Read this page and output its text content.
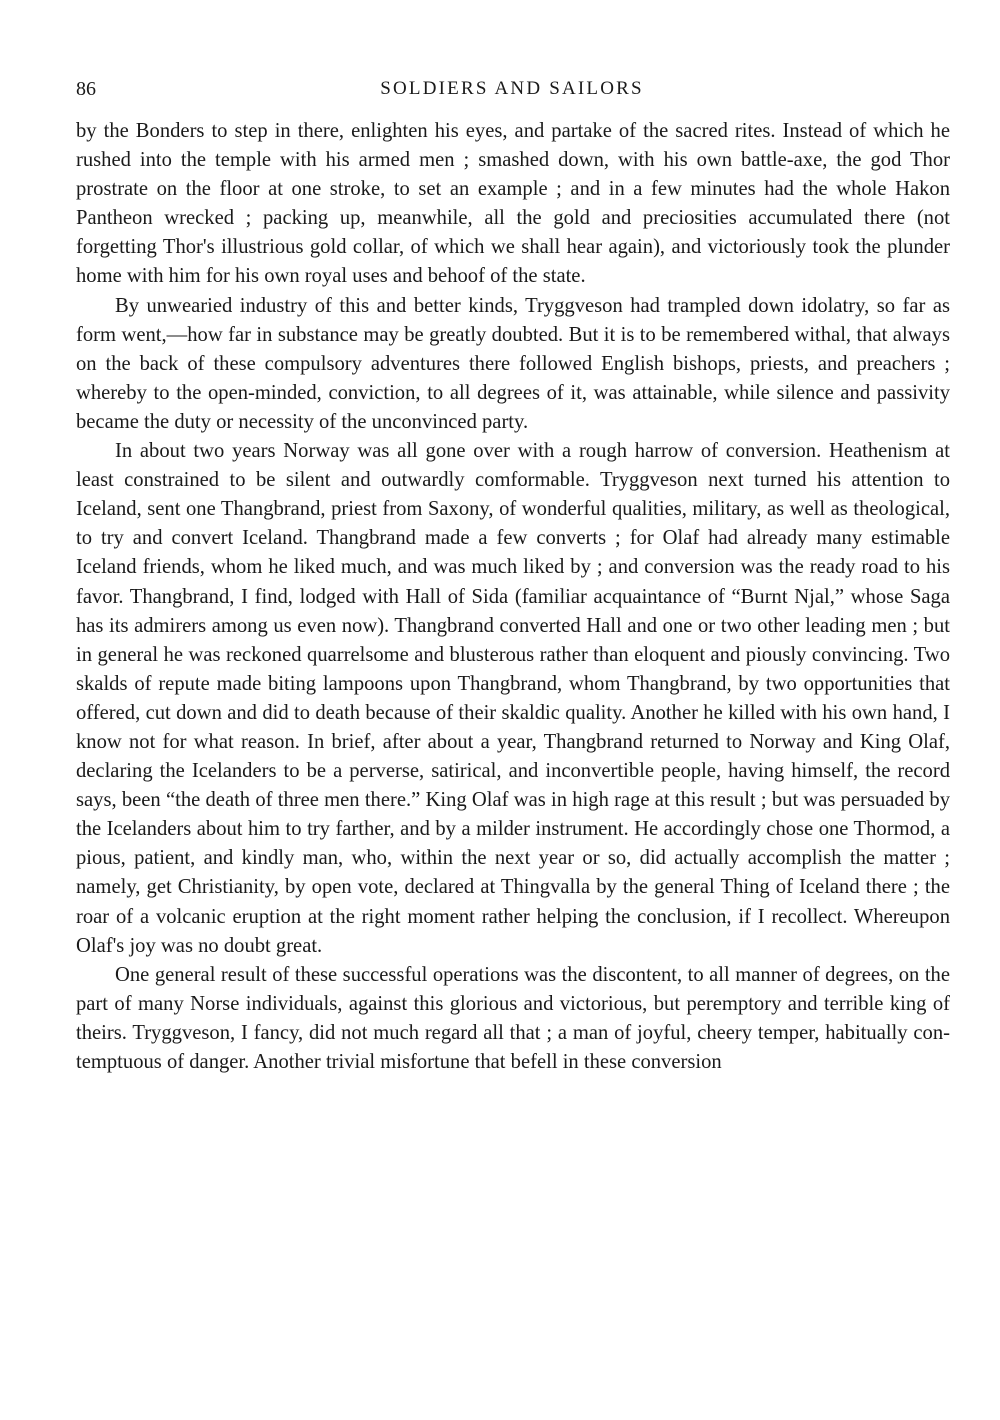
86	SOLDIERS AND SAILORS

by the Bonders to step in there, enlighten his eyes, and partake of the sacred rites. Instead of which he rushed into the temple with his armed men ; smashed down, with his own battle-axe, the god Thor prostrate on the floor at one stroke, to set an example ; and in a few minutes had the whole Hakon Pantheon wrecked ; packing up, meanwhile, all the gold and preciosities accumulated there (not forgetting Thor's illustrious gold collar, of which we shall hear again), and victoriously took the plunder home with him for his own royal uses and behoof of the state.

By unwearied industry of this and better kinds, Tryggveson had trampled down idolatry, so far as form went,—how far in substance may be greatly doubted. But it is to be remembered withal, that always on the back of these compulsory adventures there followed English bishops, priests, and preachers ; whereby to the open-minded, conviction, to all degrees of it, was attainable, while silence and passivity became the duty or necessity of the unconvinced party.

In about two years Norway was all gone over with a rough harrow of conversion. Heathenism at least constrained to be silent and outwardly comformable. Tryggveson next turned his attention to Iceland, sent one Thangbrand, priest from Saxony, of wonderful qualities, military, as well as theological, to try and convert Iceland. Thangbrand made a few converts ; for Olaf had already many estimable Iceland friends, whom he liked much, and was much liked by ; and conversion was the ready road to his favor. Thangbrand, I find, lodged with Hall of Sida (familiar acquaintance of “Burnt Njal,” whose Saga has its admirers among us even now). Thangbrand converted Hall and one or two other leading men ; but in general he was reckoned quarrelsome and blusterous rather than eloquent and piously convincing. Two skalds of repute made biting lampoons upon Thangbrand, whom Thangbrand, by two opportunities that offered, cut down and did to death because of their skaldic quality. Another he killed with his own hand, I know not for what reason. In brief, after about a year, Thangbrand returned to Norway and King Olaf, declaring the Icelanders to be a perverse, satirical, and inconvertible people, having himself, the record says, been “the death of three men there.” King Olaf was in high rage at this result ; but was persuaded by the Icelanders about him to try farther, and by a milder instrument. He accordingly chose one Thormod, a pious, patient, and kindly man, who, within the next year or so, did actually accomplish the matter ; namely, get Christianity, by open vote, declared at Thingvalla by the general Thing of Iceland there ; the roar of a volcanic eruption at the right moment rather helping the conclusion, if I recollect. Whereupon Olaf's joy was no doubt great.

One general result of these successful operations was the discontent, to all manner of degrees, on the part of many Norse individuals, against this glorious and victorious, but peremptory and terrible king of theirs. Tryggveson, I fancy, did not much regard all that ; a man of joyful, cheery temper, habitually contemptuous of danger. Another trivial misfortune that befell in these conversion
